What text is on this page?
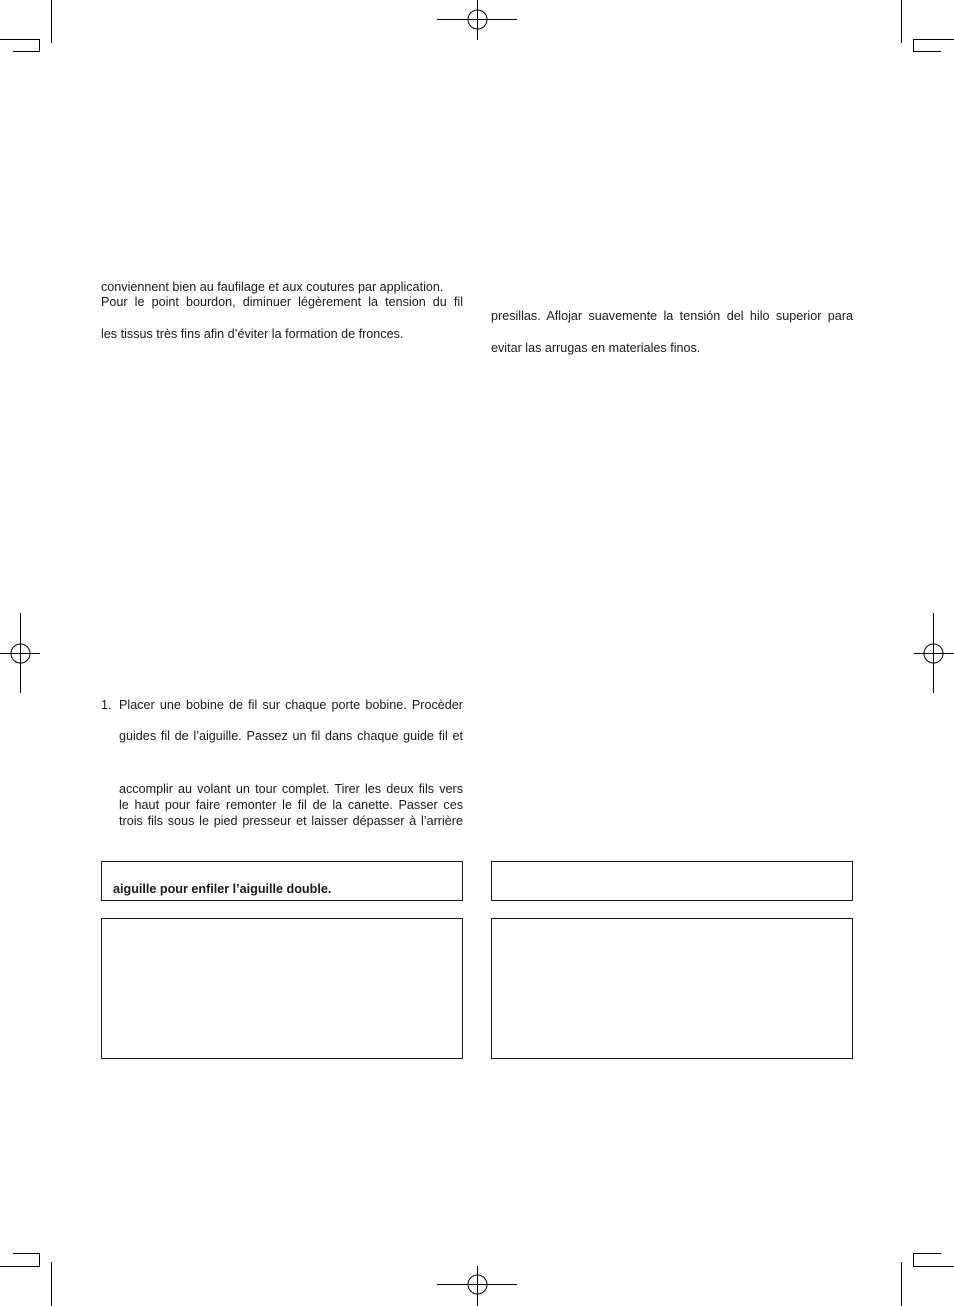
conviennent bien au faufilage et aux coutures par application.
Pour le point bourdon, diminuer légèrement la tension du fil
les tissus très fins afin d’éviter la formation de fronces.
1. Placer une bobine de fil sur chaque porte bobine. Procèder
guides fil de l’aiguille. Passez un fil dans chaque guide fil et
accomplir au volant un tour complet. Tirer les deux fils vers
le haut pour faire remonter le fil de la canette. Passer ces
trois fils sous le pied presseur et laisser dépasser à l’arrière
aiguille pour enfiler l’aiguille double.
presillas. Aflojar suavemente la tensión del hilo superior para
evitar las arrugas en materiales finos.
